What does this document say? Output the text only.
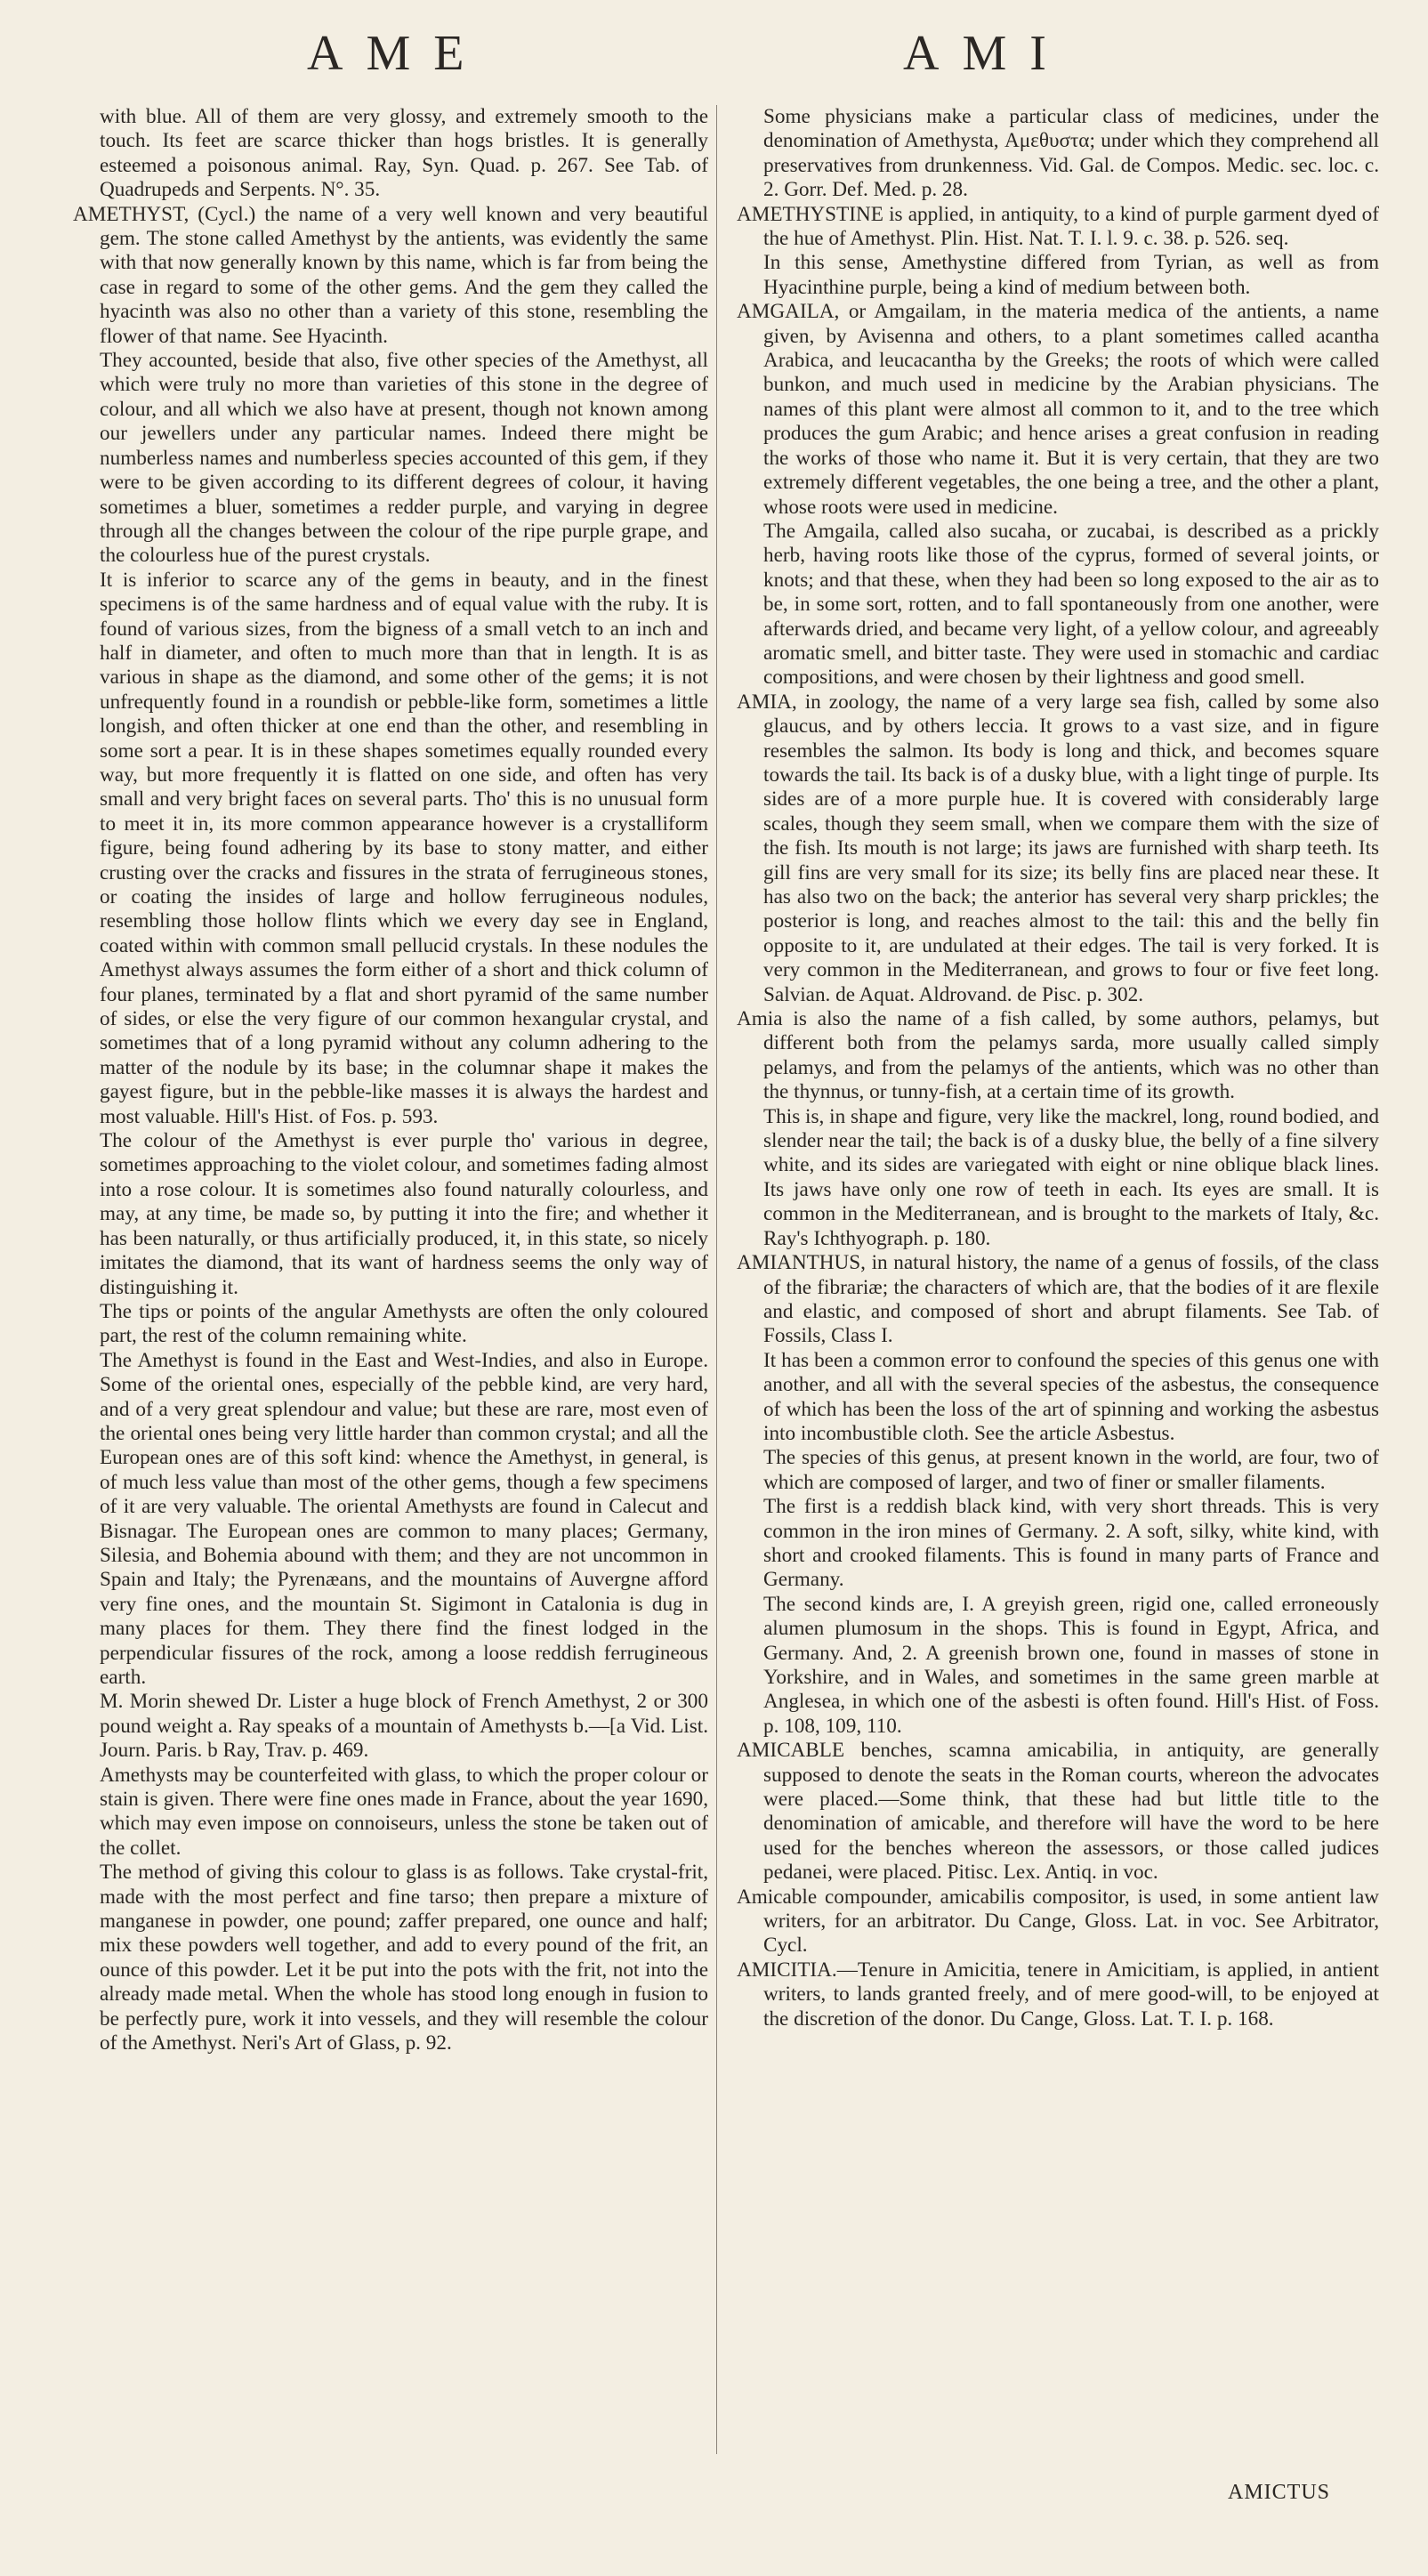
AME	AMI

with blue. All of them are very glossy, and extremely smooth to the touch. Its feet are scarce thicker than hogs bristles. It is generally esteemed a poisonous animal. Ray, Syn. Quad. p. 267. See Tab. of Quadrupeds and Serpents. N°. 35.

AMETHYST, (Cycl.) the name of a very well known and very beautiful gem. The stone called Amethyst by the antients, was evidently the same with that now generally known by this name, which is far from being the case in regard to some of the other gems. And the gem they called the hyacinth was also no other than a variety of this stone, resembling the flower of that name. See Hyacinth.

They accounted, beside that also, five other species of the Amethyst, all which were truly no more than varieties of this stone in the degree of colour, and all which we also have at present, though not known among our jewellers under any particular names. Indeed there might be numberless names and numberless species accounted of this gem, if they were to be given according to its different degrees of colour, it having sometimes a bluer, sometimes a redder purple, and varying in degree through all the changes between the colour of the ripe purple grape, and the colourless hue of the purest crystals.

It is inferior to scarce any of the gems in beauty, and in the finest specimens is of the same hardness and of equal value with the ruby. It is found of various sizes, from the bigness of a small vetch to an inch and half in diameter, and often to much more than that in length. It is as various in shape as the diamond, and some other of the gems; it is not unfrequently found in a roundish or pebble-like form, sometimes a little longish, and often thicker at one end than the other, and resembling in some sort a pear. It is in these shapes sometimes equally rounded every way, but more frequently it is flatted on one side, and often has very small and very bright faces on several parts. Tho' this is no unusual form to meet it in, its more common appearance however is a crystalliform figure, being found adhering by its base to stony matter, and either crusting over the cracks and fissures in the strata of ferrugineous stones, or coating the insides of large and hollow ferrugineous nodules, resembling those hollow flints which we every day see in England, coated within with common small pellucid crystals. In these nodules the Amethyst always assumes the form either of a short and thick column of four planes, terminated by a flat and short pyramid of the same number of sides, or else the very figure of our common hexangular crystal, and sometimes that of a long pyramid without any column adhering to the matter of the nodule by its base; in the columnar shape it makes the gayest figure, but in the pebble-like masses it is always the hardest and most valuable. Hill's Hist. of Fos. p. 593.

The colour of the Amethyst is ever purple tho' various in degree, sometimes approaching to the violet colour, and sometimes fading almost into a rose colour. It is sometimes also found naturally colourless, and may, at any time, be made so, by putting it into the fire; and whether it has been naturally, or thus artificially produced, it, in this state, so nicely imitates the diamond, that its want of hardness seems the only way of distinguishing it.

The tips or points of the angular Amethysts are often the only coloured part, the rest of the column remaining white.

The Amethyst is found in the East and West-Indies, and also in Europe. Some of the oriental ones, especially of the pebble kind, are very hard, and of a very great splendour and value; but these are rare, most even of the oriental ones being very little harder than common crystal; and all the European ones are of this soft kind: whence the Amethyst, in general, is of much less value than most of the other gems, though a few specimens of it are very valuable. The oriental Amethysts are found in Calecut and Bisnagar. The European ones are common to many places; Germany, Silesia, and Bohemia abound with them; and they are not uncommon in Spain and Italy; the Pyrenæans, and the mountains of Auvergne afford very fine ones, and the mountain St. Sigimont in Catalonia is dug in many places for them. They there find the finest lodged in the perpendicular fissures of the rock, among a loose reddish ferrugineous earth.

M. Morin shewed Dr. Lister a huge block of French Amethyst, 2 or 300 pound weight a. Ray speaks of a mountain of Amethysts b.—[a Vid. List. Journ. Paris. b Ray, Trav. p. 469.

Amethysts may be counterfeited with glass, to which the proper colour or stain is given. There were fine ones made in France, about the year 1690, which may even impose on connoiseurs, unless the stone be taken out of the collet.

The method of giving this colour to glass is as follows. Take crystal-frit, made with the most perfect and fine tarso; then prepare a mixture of manganese in powder, one pound; zaffer prepared, one ounce and half; mix these powders well together, and add to every pound of the frit, an ounce of this powder. Let it be put into the pots with the frit, not into the already made metal. When the whole has stood long enough in fusion to be perfectly pure, work it into vessels, and they will resemble the colour of the Amethyst. Neri's Art of Glass, p. 92.

Some physicians make a particular class of medicines, under the denomination of Amethysta, Αμεθυστα; under which they comprehend all preservatives from drunkenness. Vid. Gal. de Compos. Medic. sec. loc. c. 2. Gorr. Def. Med. p. 28.

AMETHYSTINE is applied, in antiquity, to a kind of purple garment dyed of the hue of Amethyst. Plin. Hist. Nat. T. I. l. 9. c. 38. p. 526. seq.

In this sense, Amethystine differed from Tyrian, as well as from Hyacinthine purple, being a kind of medium between both.

AMGAILA, or Amgailam, in the materia medica of the antients, a name given, by Avisenna and others, to a plant sometimes called acantha Arabica, and leucacantha by the Greeks; the roots of which were called bunkon, and much used in medicine by the Arabian physicians. The names of this plant were almost all common to it, and to the tree which produces the gum Arabic; and hence arises a great confusion in reading the works of those who name it. But it is very certain, that they are two extremely different vegetables, the one being a tree, and the other a plant, whose roots were used in medicine.

The Amgaila, called also sucaha, or zucabai, is described as a prickly herb, having roots like those of the cyprus, formed of several joints, or knots; and that these, when they had been so long exposed to the air as to be, in some sort, rotten, and to fall spontaneously from one another, were afterwards dried, and became very light, of a yellow colour, and agreeably aromatic smell, and bitter taste. They were used in stomachic and cardiac compositions, and were chosen by their lightness and good smell.

AMIA, in zoology, the name of a very large sea fish, called by some also glaucus, and by others leccia. It grows to a vast size, and in figure resembles the salmon. Its body is long and thick, and becomes square towards the tail. Its back is of a dusky blue, with a light tinge of purple. Its sides are of a more purple hue. It is covered with considerably large scales, though they seem small, when we compare them with the size of the fish. Its mouth is not large; its jaws are furnished with sharp teeth. Its gill fins are very small for its size; its belly fins are placed near these. It has also two on the back; the anterior has several very sharp prickles; the posterior is long, and reaches almost to the tail: this and the belly fin opposite to it, are undulated at their edges. The tail is very forked. It is very common in the Mediterranean, and grows to four or five feet long. Salvian. de Aquat. Aldrovand. de Pisc. p. 302.

Amia is also the name of a fish called, by some authors, pelamys, but different both from the pelamys sarda, more usually called simply pelamys, and from the pelamys of the antients, which was no other than the thynnus, or tunny-fish, at a certain time of its growth.

This is, in shape and figure, very like the mackrel, long, round bodied, and slender near the tail; the back is of a dusky blue, the belly of a fine silvery white, and its sides are variegated with eight or nine oblique black lines. Its jaws have only one row of teeth in each. Its eyes are small. It is common in the Mediterranean, and is brought to the markets of Italy, &c. Ray's Ichthyograph. p. 180.

AMIANTHUS, in natural history, the name of a genus of fossils, of the class of the fibrariæ; the characters of which are, that the bodies of it are flexile and elastic, and composed of short and abrupt filaments. See Tab. of Fossils, Class I.

It has been a common error to confound the species of this genus one with another, and all with the several species of the asbestus, the consequence of which has been the loss of the art of spinning and working the asbestus into incombustible cloth. See the article Asbestus.

The species of this genus, at present known in the world, are four, two of which are composed of larger, and two of finer or smaller filaments.

The first is a reddish black kind, with very short threads. This is very common in the iron mines of Germany. 2. A soft, silky, white kind, with short and crooked filaments. This is found in many parts of France and Germany.

The second kinds are, I. A greyish green, rigid one, called erroneously alumen plumosum in the shops. This is found in Egypt, Africa, and Germany. And, 2. A greenish brown one, found in masses of stone in Yorkshire, and in Wales, and sometimes in the same green marble at Anglesea, in which one of the asbesti is often found. Hill's Hist. of Foss. p. 108, 109, 110.

AMICABLE benches, scamna amicabilia, in antiquity, are generally supposed to denote the seats in the Roman courts, whereon the advocates were placed.—Some think, that these had but little title to the denomination of amicable, and therefore will have the word to be here used for the benches whereon the assessors, or those called judices pedanei, were placed. Pitisc. Lex. Antiq. in voc.

Amicable compounder, amicabilis compositor, is used, in some antient law writers, for an arbitrator. Du Cange, Gloss. Lat. in voc. See Arbitrator, Cycl.

AMICITIA.—Tenure in Amicitia, tenere in Amicitiam, is applied, in antient writers, to lands granted freely, and of mere good-will, to be enjoyed at the discretion of the donor. Du Cange, Gloss. Lat. T. I. p. 168.

AMICTUS
